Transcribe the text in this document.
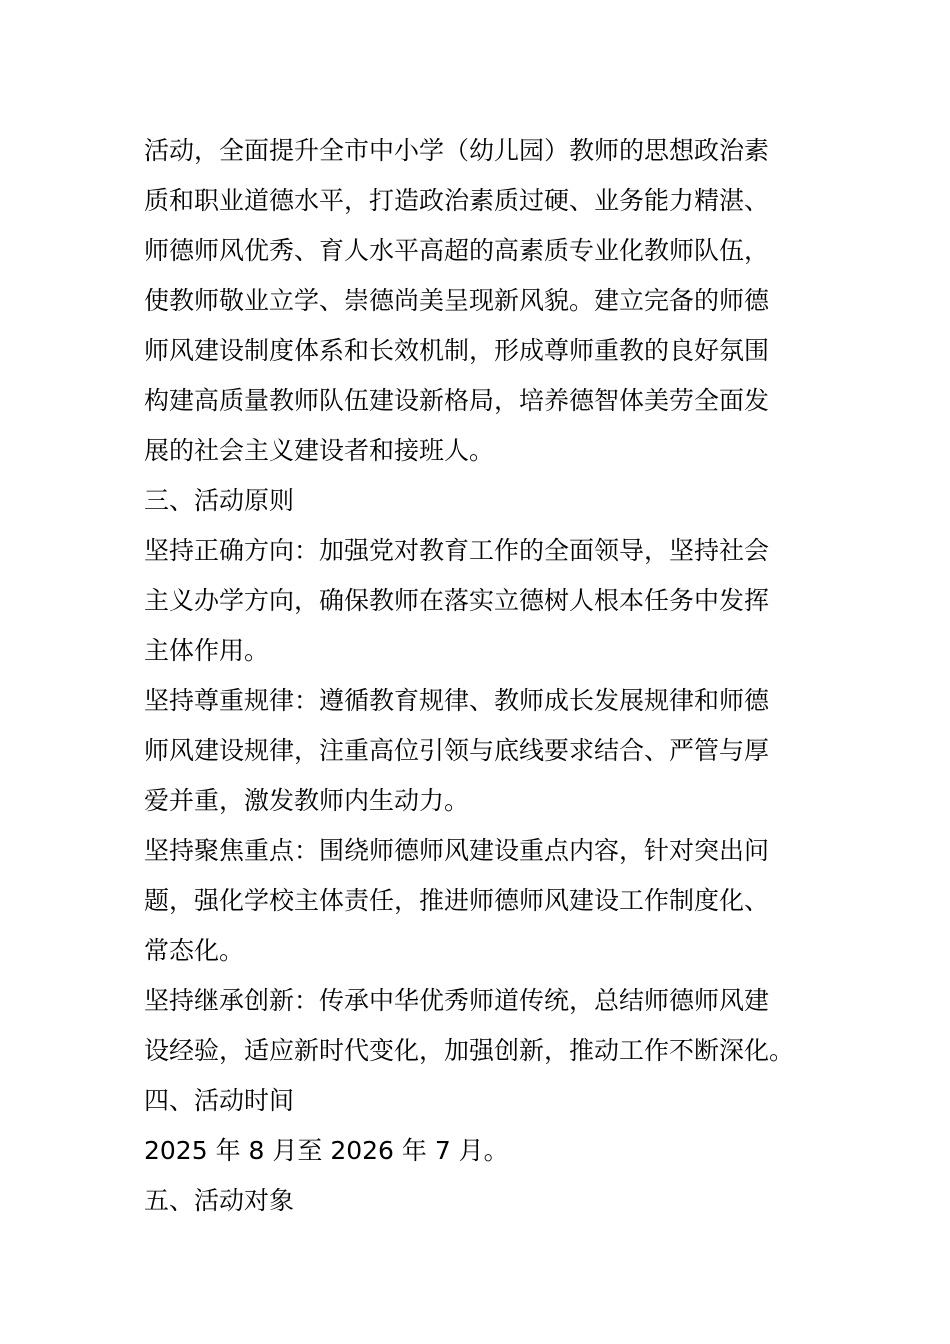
活动，全面提升全市中小学（幼儿园）教师的思想政治素
质和职业道德水平，打造政治素质过硬、业务能力精湛、
师德师风优秀、育人水平高超的高素质专业化教师队伍，
使教师敬业立学、崇德尚美呈现新风貌。建立完备的师德
师风建设制度体系和长效机制，形成尊师重教的良好氛围
构建高质量教师队伍建设新格局，培养德智体美劳全面发
展的社会主义建设者和接班人。
三、活动原则
坚持正确方向：加强党对教育工作的全面领导，坚持社会
主义办学方向，确保教师在落实立德树人根本任务中发挥
主体作用。
坚持尊重规律：遵循教育规律、教师成长发展规律和师德
师风建设规律，注重高位引领与底线要求结合、严管与厚
爱并重，激发教师内生动力。
坚持聚焦重点：围绕师德师风建设重点内容，针对突出问
题，强化学校主体责任，推进师德师风建设工作制度化、
常态化。
坚持继承创新：传承中华优秀师道传统，总结师德师风建
设经验，适应新时代变化，加强创新，推动工作不断深化。
四、活动时间
2025 年 8 月至 2026 年 7 月。
五、活动对象
